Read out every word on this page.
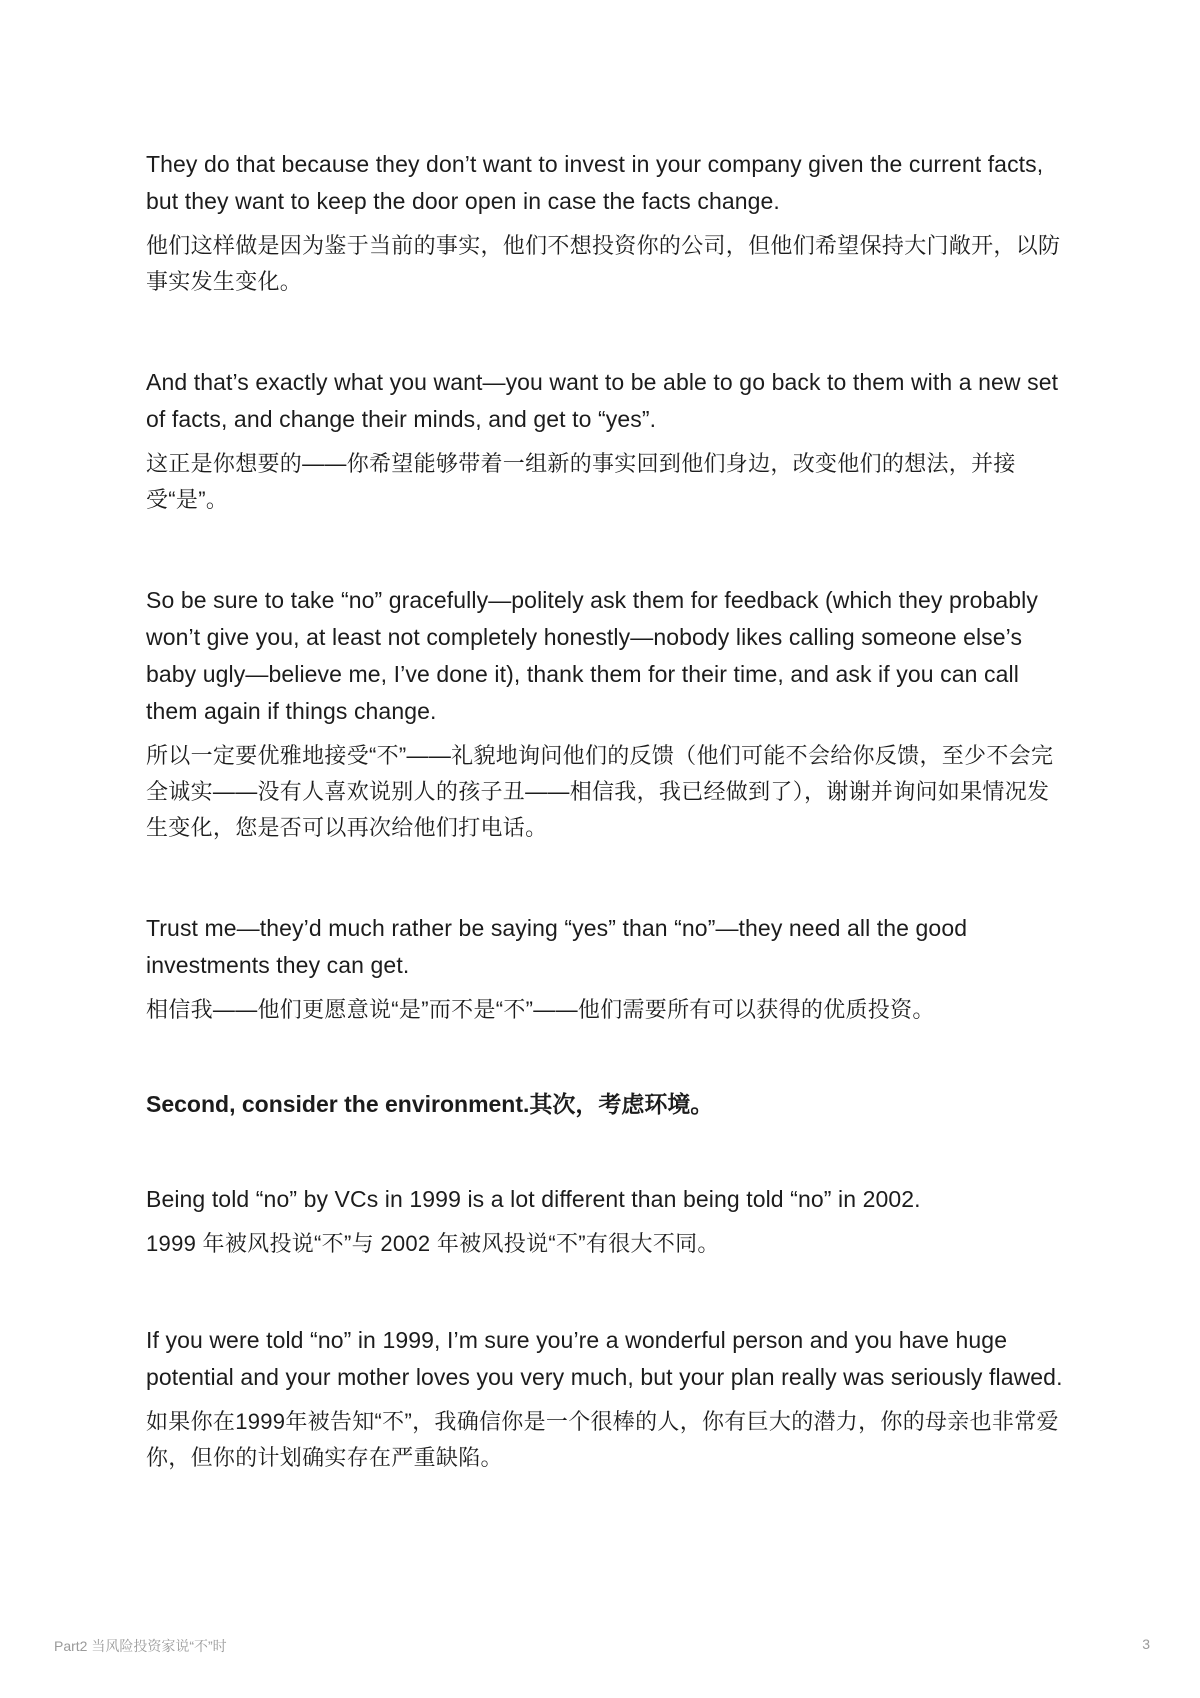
They do that because they don’t want to invest in your company given the current facts, but they want to keep the door open in case the facts change.

他们这样做是因为鉴于当前的事实，他们不想投资你的公司，但他们希望保持大门敞开，以防事实发生变化。

And that’s exactly what you want—you want to be able to go back to them with a new set of facts, and change their minds, and get to “yes”.

这正是你想要的——你希望能够带着一组新的事实回到他们身边，改变他们的想法，并接受“是”。

So be sure to take “no” gracefully—politely ask them for feedback (which they probably won’t give you, at least not completely honestly—nobody likes calling someone else’s baby ugly—believe me, I’ve done it), thank them for their time, and ask if you can call them again if things change.

所以一定要优雅地接受“不”——礼貌地询问他们的反馈（他们可能不会给你反馈，至少不会完全诚实——没有人喜欢说别人的孩子丑——相信我，我已经做到了），谢谢并询问如果情况发生变化，您是否可以再次给他们打电话。

Trust me—they’d much rather be saying “yes” than “no”—they need all the good investments they can get.

相信我——他们更愿意说“是”而不是“不”——他们需要所有可以获得的优质投资。

Second, consider the environment.其次，考虑环境。

Being told “no” by VCs in 1999 is a lot different than being told “no” in 2002.

1999 年被风投说“不”与 2002 年被风投说“不”有很大不同。

If you were told “no” in 1999, I’m sure you’re a wonderful person and you have huge potential and your mother loves you very much, but your plan really was seriously flawed.

如果你在1999年被告知“不”，我确信你是一个很棒的人，你有巨大的潜力，你的母亲也非常爱你，但你的计划确实存在严重缺陷。

Part2 当风险投资家说“不”时	3
